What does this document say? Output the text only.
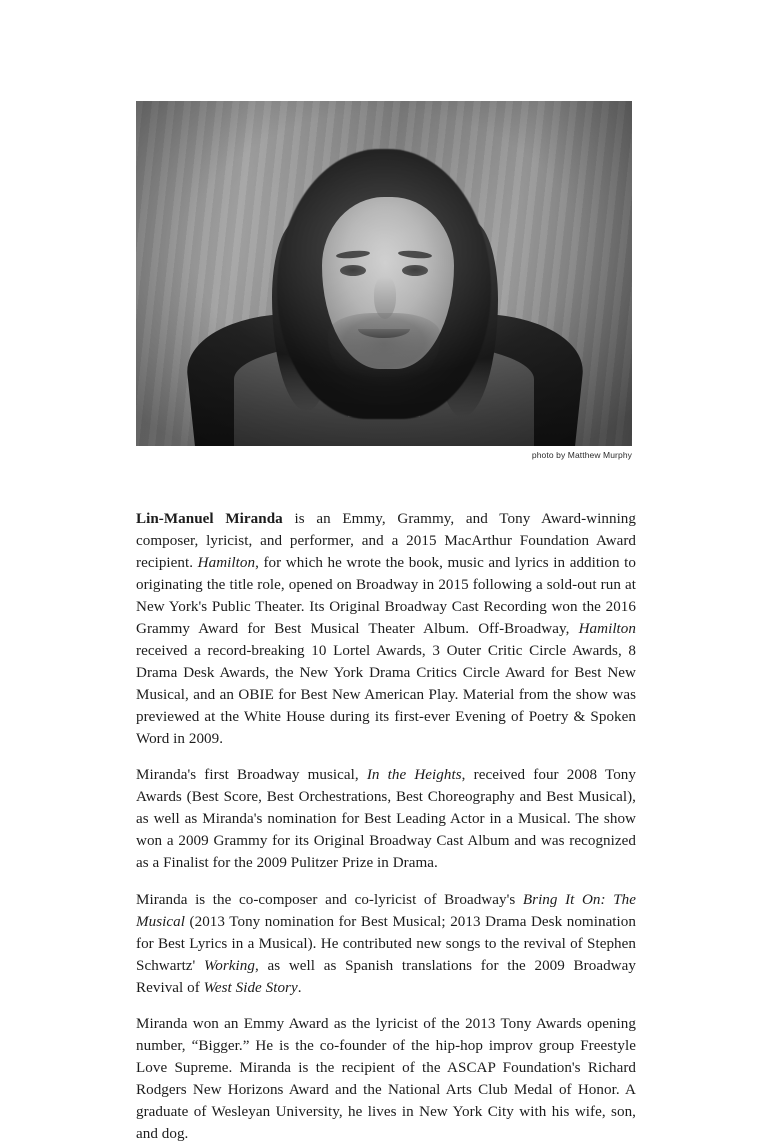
photo by Matthew Murphy

Lin-Manuel Miranda is an Emmy, Grammy, and Tony Award-winning composer, lyricist, and performer, and a 2015 MacArthur Foundation Award recipient. Hamilton, for which he wrote the book, music and lyrics in addition to originating the title role, opened on Broadway in 2015 following a sold-out run at New York's Public Theater. Its Original Broadway Cast Recording won the 2016 Grammy Award for Best Musical Theater Album. Off-Broadway, Hamilton received a record-breaking 10 Lortel Awards, 3 Outer Critic Circle Awards, 8 Drama Desk Awards, the New York Drama Critics Circle Award for Best New Musical, and an OBIE for Best New American Play. Material from the show was previewed at the White House during its first-ever Evening of Poetry & Spoken Word in 2009.

Miranda's first Broadway musical, In the Heights, received four 2008 Tony Awards (Best Score, Best Orchestrations, Best Choreography and Best Musical), as well as Miranda's nomination for Best Leading Actor in a Musical. The show won a 2009 Grammy for its Original Broadway Cast Album and was recognized as a Finalist for the 2009 Pulitzer Prize in Drama.

Miranda is the co-composer and co-lyricist of Broadway's Bring It On: The Musical (2013 Tony nomination for Best Musical; 2013 Drama Desk nomination for Best Lyrics in a Musical). He contributed new songs to the revival of Stephen Schwartz' Working, as well as Spanish translations for the 2009 Broadway Revival of West Side Story.

Miranda won an Emmy Award as the lyricist of the 2013 Tony Awards opening number, “Bigger.” He is the co-founder of the hip-hop improv group Freestyle Love Supreme. Miranda is the recipient of the ASCAP Foundation's Richard Rodgers New Horizons Award and the National Arts Club Medal of Honor. A graduate of Wesleyan University, he lives in New York City with his wife, son, and dog.
